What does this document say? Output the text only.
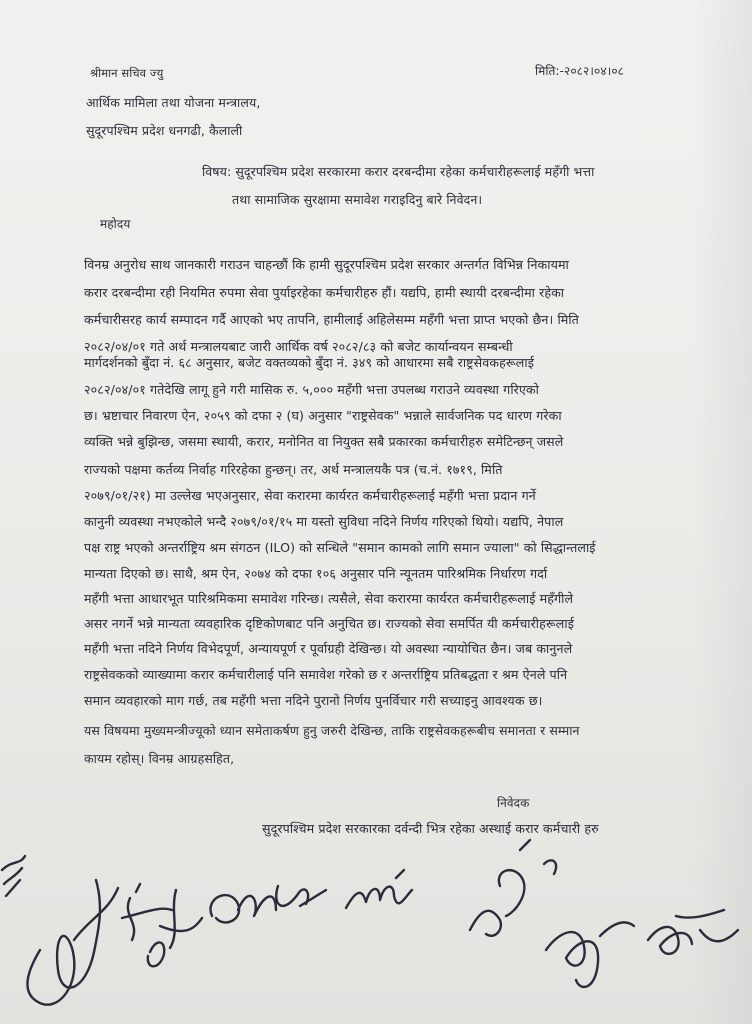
मिति:-२०८२।०४।०८
श्रीमान सचिव ज्यु
आर्थिक मामिला तथा योजना मन्त्रालय,
सुदूरपश्चिम प्रदेश धनगढी, कैलाली
विषय: सुदूरपश्चिम प्रदेश सरकारमा करार दरबन्दीमा रहेका कर्मचारीहरूलाई महँगी भत्ता
तथा सामाजिक सुरक्षामा समावेश गराइदिनु बारे निवेदन।
महोदय
विनम्र अनुरोध साथ जानकारी गराउन चाहन्छौं कि हामी सुदूरपश्चिम प्रदेश सरकार अन्तर्गत विभिन्न निकायमा
करार दरबन्दीमा रही नियमित रुपमा सेवा पुर्याइरहेका कर्मचारीहरु हौं। यद्यपि, हामी स्थायी दरबन्दीमा रहेका
कर्मचारीसरह कार्य सम्पादन गर्दै आएको भए तापनि, हामीलाई अहिलेसम्म महँगी भत्ता प्राप्त भएको छैन। मिति
२०८२/०४/०१ गते अर्थ मन्त्रालयबाट जारी आर्थिक वर्ष २०८२/८३ को बजेट कार्यान्वयन सम्बन्धी
मार्गदर्शनको बुँदा नं. ६८ अनुसार, बजेट वक्तव्यको बुँदा नं. ३४९ को आधारमा सबै राष्ट्रसेवकहरूलाई
२०८२/०४/०१ गतेदेखि लागू हुने गरी मासिक रु. ५,००० महँगी भत्ता उपलब्ध गराउने व्यवस्था गरिएको
छ। भ्रष्टाचार निवारण ऐन, २०५९ को दफा २ (घ) अनुसार "राष्ट्रसेवक" भन्नाले सार्वजनिक पद धारण गरेका
व्यक्ति भन्ने बुझिन्छ, जसमा स्थायी, करार, मनोनित वा नियुक्त सबै प्रकारका कर्मचारीहरु समेटिन्छन् जसले
राज्यको पक्षमा कर्तव्य निर्वाह गरिरहेका हुन्छन्। तर, अर्थ मन्त्रालयकै पत्र (च.नं. १७१९, मिति
२०७९/०१/२१) मा उल्लेख भएअनुसार, सेवा करारमा कार्यरत कर्मचारीहरूलाई महँगी भत्ता प्रदान गर्ने
कानुनी व्यवस्था नभएकोले भन्दै २०७९/०१/१५ मा यस्तो सुविधा नदिने निर्णय गरिएको थियो। यद्यपि, नेपाल
पक्ष राष्ट्र भएको अन्तर्राष्ट्रिय श्रम संगठन (ILO) को सन्धिले "समान कामको लागि समान ज्याला" को सिद्धान्तलाई
मान्यता दिएको छ। साथै, श्रम ऐन, २०७४ को दफा १०६ अनुसार पनि न्यूनतम पारिश्रमिक निर्धारण गर्दा
महँगी भत्ता आधारभूत पारिश्रमिकमा समावेश गरिन्छ। त्यसैले, सेवा करारमा कार्यरत कर्मचारीहरूलाई महँगीले
असर नगर्ने भन्ने मान्यता व्यवहारिक दृष्टिकोणबाट पनि अनुचित छ। राज्यको सेवा समर्पित यी कर्मचारीहरूलाई
महँगी भत्ता नदिने निर्णय विभेदपूर्ण, अन्यायपूर्ण र पूर्वाग्रही देखिन्छ। यो अवस्था न्यायोचित छैन। जब कानुनले
राष्ट्रसेवकको व्याख्यामा करार कर्मचारीलाई पनि समावेश गरेको छ र अन्तर्राष्ट्रिय प्रतिबद्धता र श्रम ऐनले पनि
समान व्यवहारको माग गर्छ, तब महँगी भत्ता नदिने पुरानो निर्णय पुनर्विचार गरी सच्याइनु आवश्यक छ।
यस विषयमा मुख्यमन्त्रीज्यूको ध्यान समेताकर्षण हुनु जरुरी देखिन्छ, ताकि राष्ट्रसेवकहरूबीच समानता र सम्मान
कायम रहोस्। विनम्र आग्रहसहित,
निवेदक
सुदूरपश्चिम प्रदेश सरकारका दर्वन्दी भित्र रहेका अस्थाई करार कर्मचारी हरु
